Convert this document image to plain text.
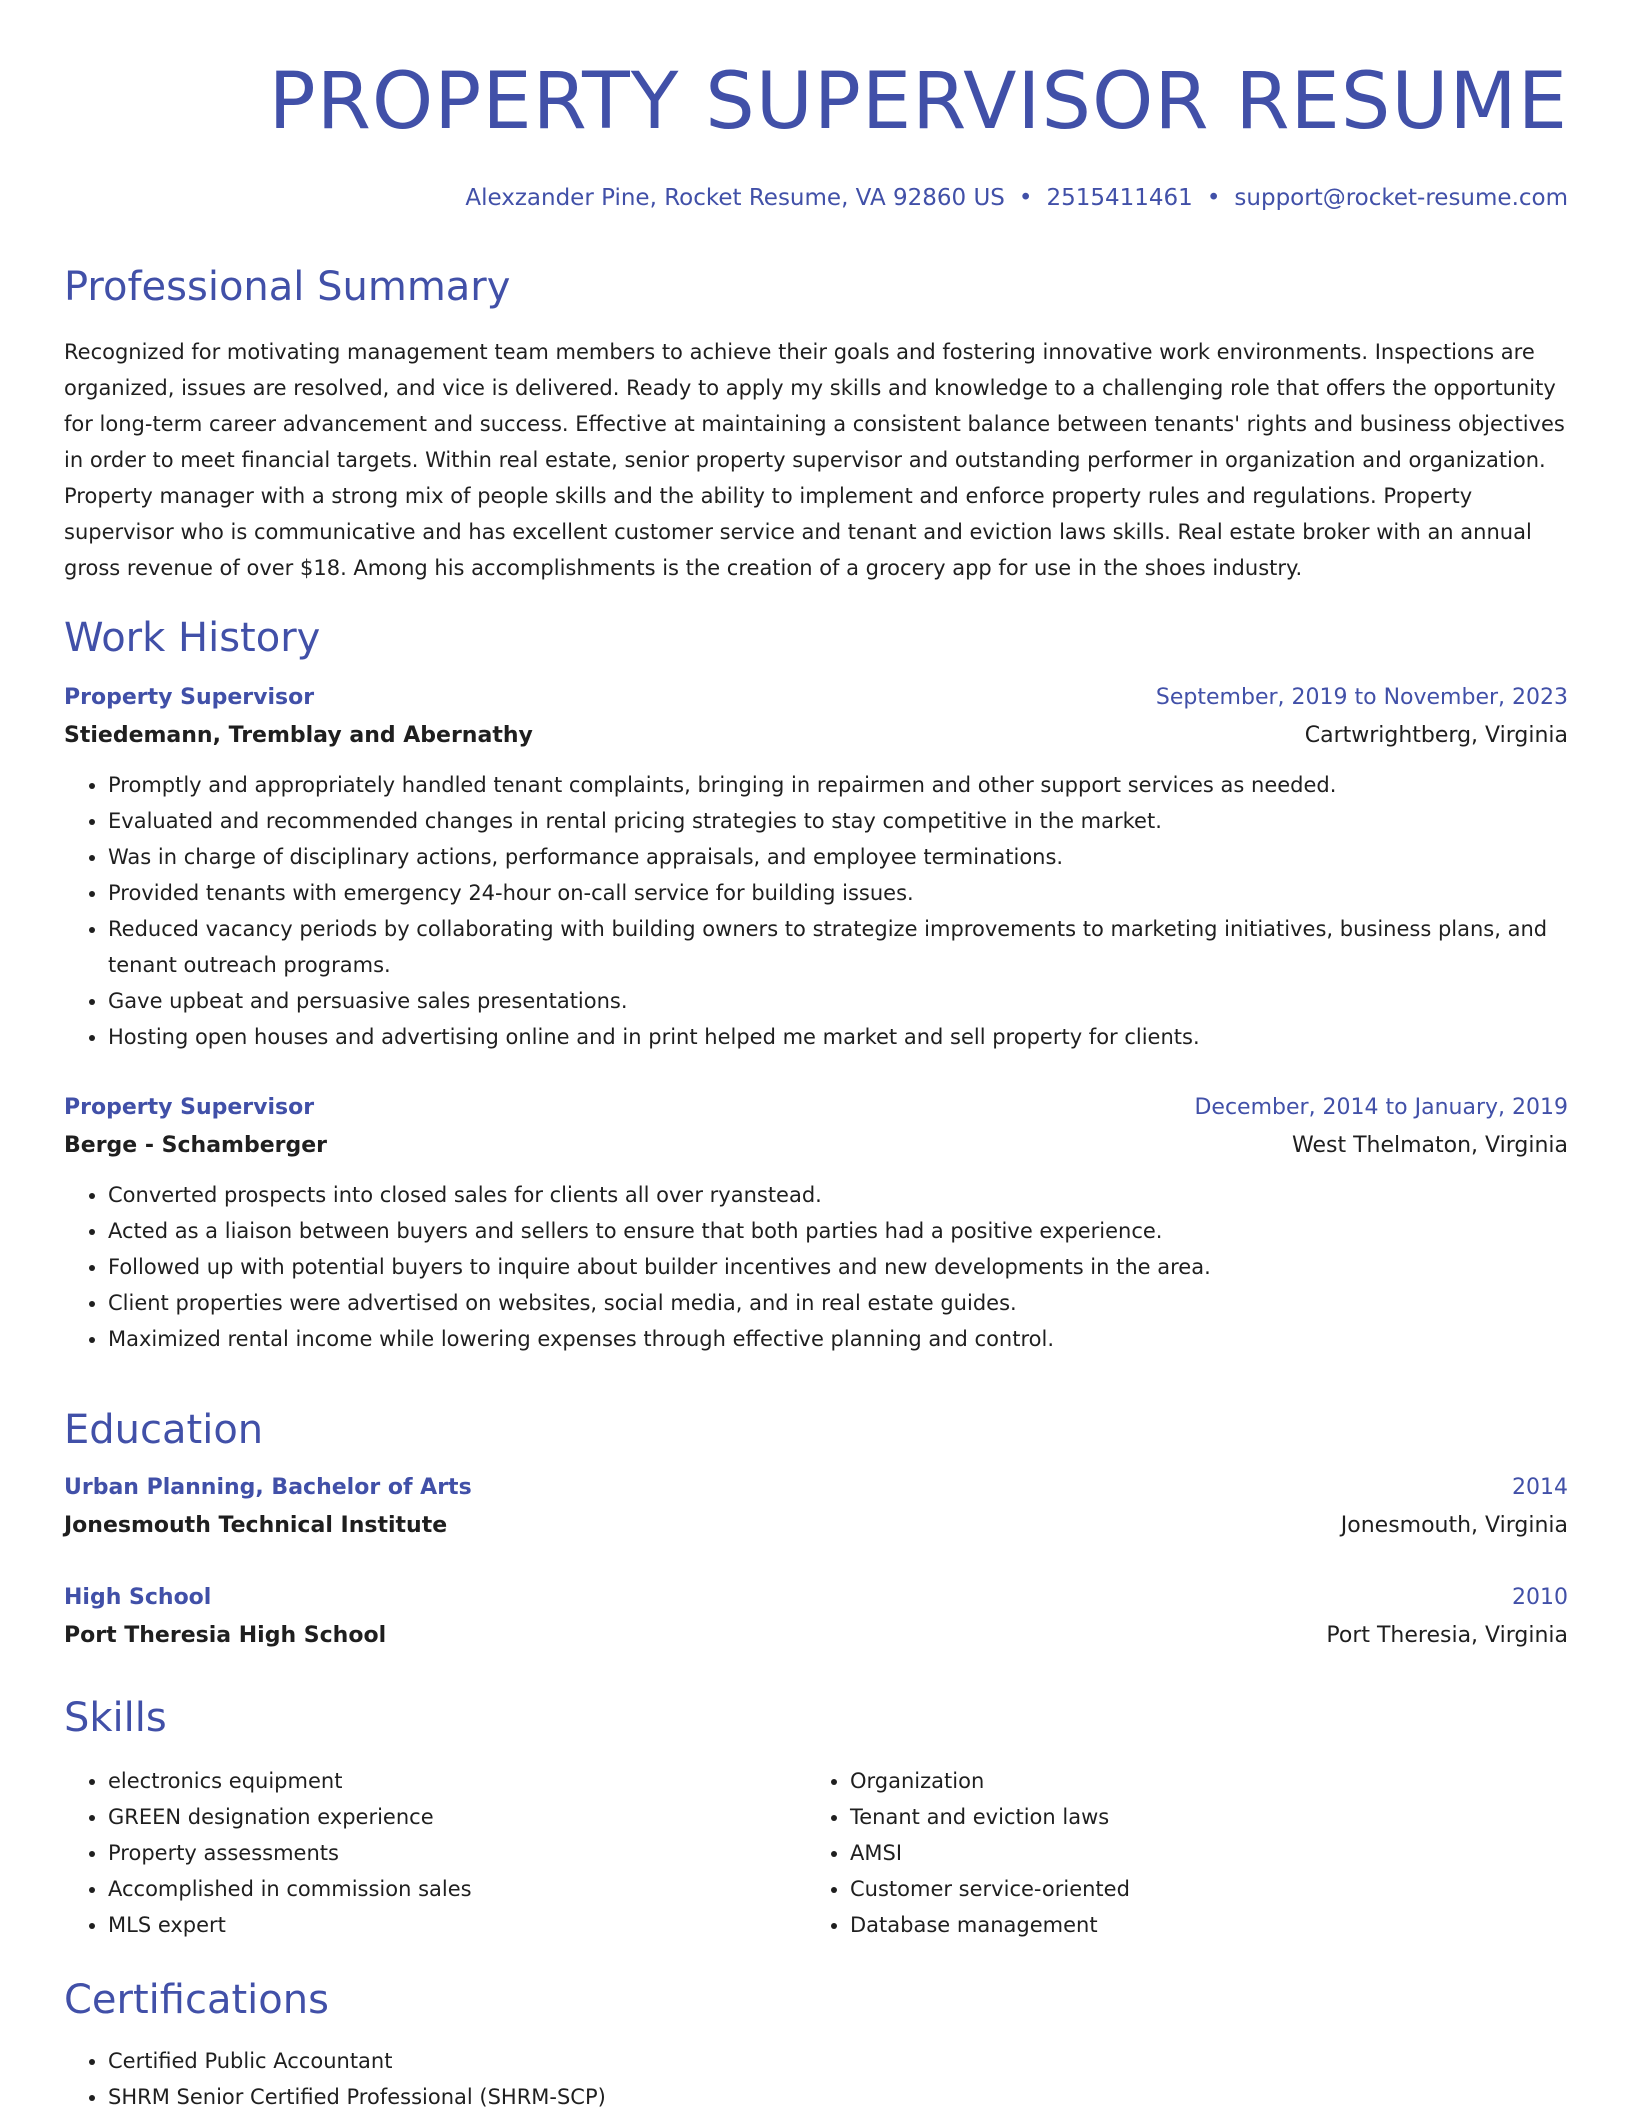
PROPERTY SUPERVISOR RESUME
Alexzander Pine, Rocket Resume, VA 92860 US • 2515411461 • support@rocket-resume.com
Professional Summary

Recognized for motivating management team members to achieve their goals and fostering innovative work environments. Inspections are organized, issues are resolved, and vice is delivered. Ready to apply my skills and knowledge to a challenging role that offers the opportunity for long-term career advancement and success. Effective at maintaining a consistent balance between tenants' rights and business objectives in order to meet financial targets. Within real estate, senior property supervisor and outstanding performer in organization and organization. Property manager with a strong mix of people skills and the ability to implement and enforce property rules and regulations. Property supervisor who is communicative and has excellent customer service and tenant and eviction laws skills. Real estate broker with an annual gross revenue of over $18. Among his accomplishments is the creation of a grocery app for use in the shoes industry.

Work History
Property Supervisor	September, 2019 to November, 2023
Stiedemann, Tremblay and Abernathy	Cartwrightberg, Virginia
• Promptly and appropriately handled tenant complaints, bringing in repairmen and other support services as needed.
• Evaluated and recommended changes in rental pricing strategies to stay competitive in the market.
• Was in charge of disciplinary actions, performance appraisals, and employee terminations.
• Provided tenants with emergency 24-hour on-call service for building issues.
• Reduced vacancy periods by collaborating with building owners to strategize improvements to marketing initiatives, business plans, and tenant outreach programs.
• Gave upbeat and persuasive sales presentations.
• Hosting open houses and advertising online and in print helped me market and sell property for clients.
Property Supervisor	December, 2014 to January, 2019
Berge - Schamberger	West Thelmaton, Virginia
• Converted prospects into closed sales for clients all over ryanstead.
• Acted as a liaison between buyers and sellers to ensure that both parties had a positive experience.
• Followed up with potential buyers to inquire about builder incentives and new developments in the area.
• Client properties were advertised on websites, social media, and in real estate guides.
• Maximized rental income while lowering expenses through effective planning and control.
Education
Urban Planning, Bachelor of Arts	2014
Jonesmouth Technical Institute	Jonesmouth, Virginia
High School	2010
Port Theresia High School	Port Theresia, Virginia
Skills
• electronics equipment
• GREEN designation experience
• Property assessments
• Accomplished in commission sales
• MLS expert
• Organization
• Tenant and eviction laws
• AMSI
• Customer service-oriented
• Database management
Certifications
• Certified Public Accountant
• SHRM Senior Certified Professional (SHRM-SCP)
